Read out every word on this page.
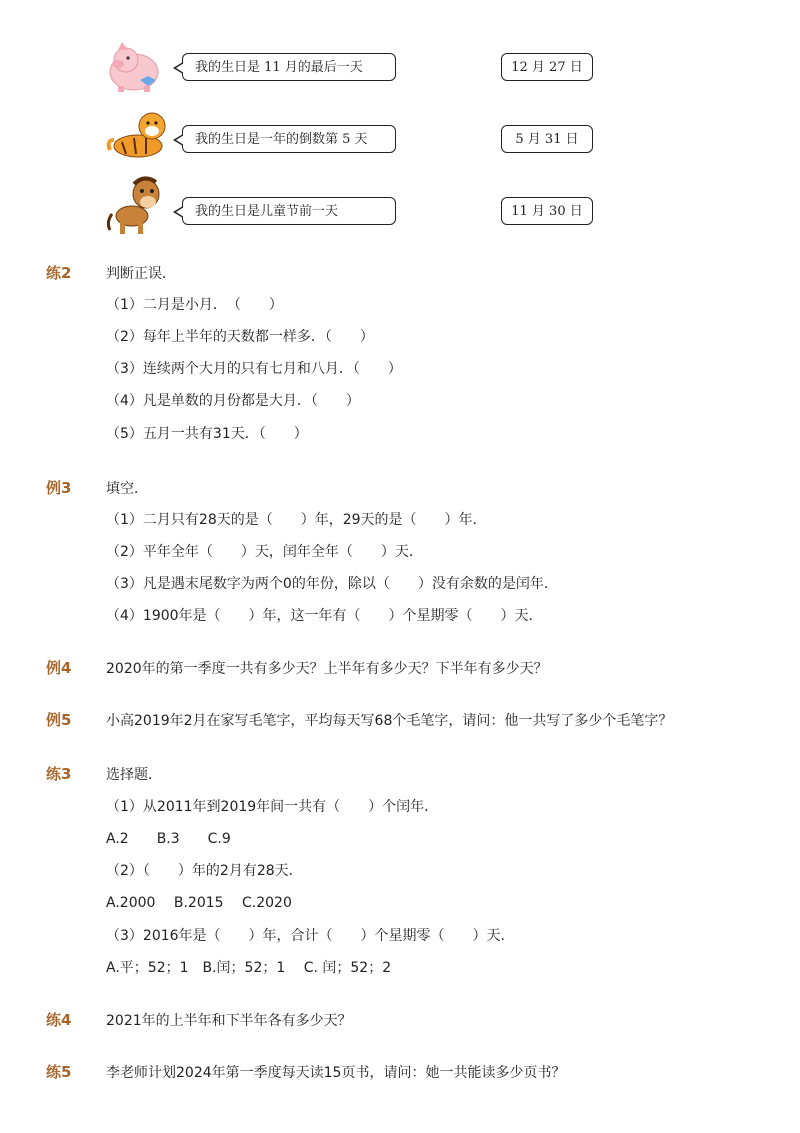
我的生日是 11 月的最后一天	12 月 27 日
我的生日是一年的倒数第 5 天	5 月 31 日
我的生日是儿童节前一天	11 月 30 日
练2 判断正误．
（1）二月是小月．　（　　）
（2）每年上半年的天数都一样多．（　　）
（3）连续两个大月的只有七月和八月．（　　）
（4）凡是单数的月份都是大月．（　　）
（5）五月一共有31天．（　　）
例3 填空．
（1）二月只有28天的是（　　）年，29天的是（　　）年．
（2）平年全年（　　）天，闰年全年（　　）天．
（3）凡是遇末尾数字为两个0的年份，除以（　　）没有余数的是闰年．
（4）1900年是（　　）年，这一年有（　　）个星期零（　　）天．
例4 2020年的第一季度一共有多少天？上半年有多少天？下半年有多少天？
例5 小高2019年2月在家写毛笔字，平均每天写68个毛笔字，请问：他一共写了多少个毛笔字？
练3 选择题．
（1）从2011年到2019年间一共有（　　）个闰年．
A.2　　B.3　　C.9
（2）（　　）年的2月有28天．
A.2000　 B.2015　 C.2020
（3）2016年是（　　）年，合计（　　）个星期零（　　）天．
A.平；52；1　B.闰；52；1　 C. 闰；52；2
练4 2021年的上半年和下半年各有多少天？
练5 李老师计划2024年第一季度每天读15页书，请问：她一共能读多少页书？
